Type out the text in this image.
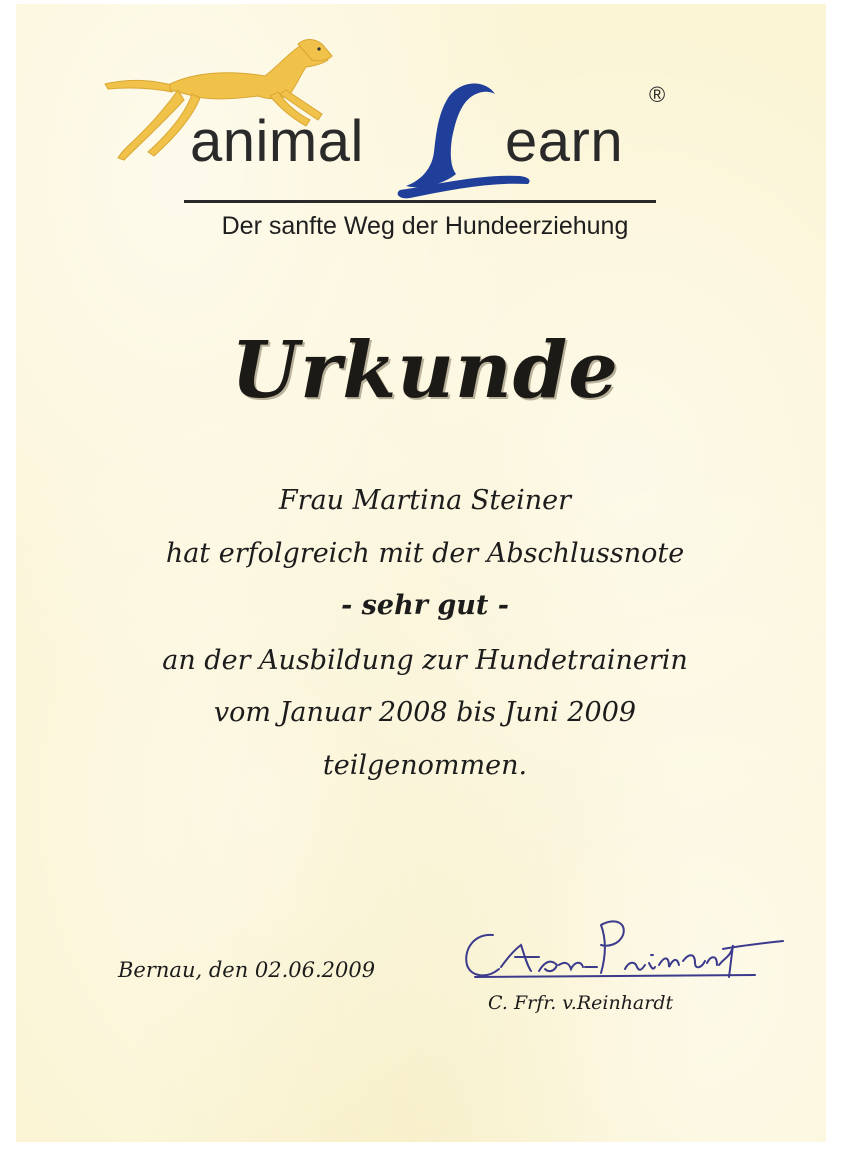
animal earn
®
Der sanfte Weg der Hundeerziehung
Urkunde
Frau Martina Steiner
hat erfolgreich mit der Abschlussnote
- sehr gut -
an der Ausbildung zur Hundetrainerin
vom Januar 2008 bis Juni 2009
teilgenommen.
Bernau, den 02.06.2009
C. Frfr. v.Reinhardt
